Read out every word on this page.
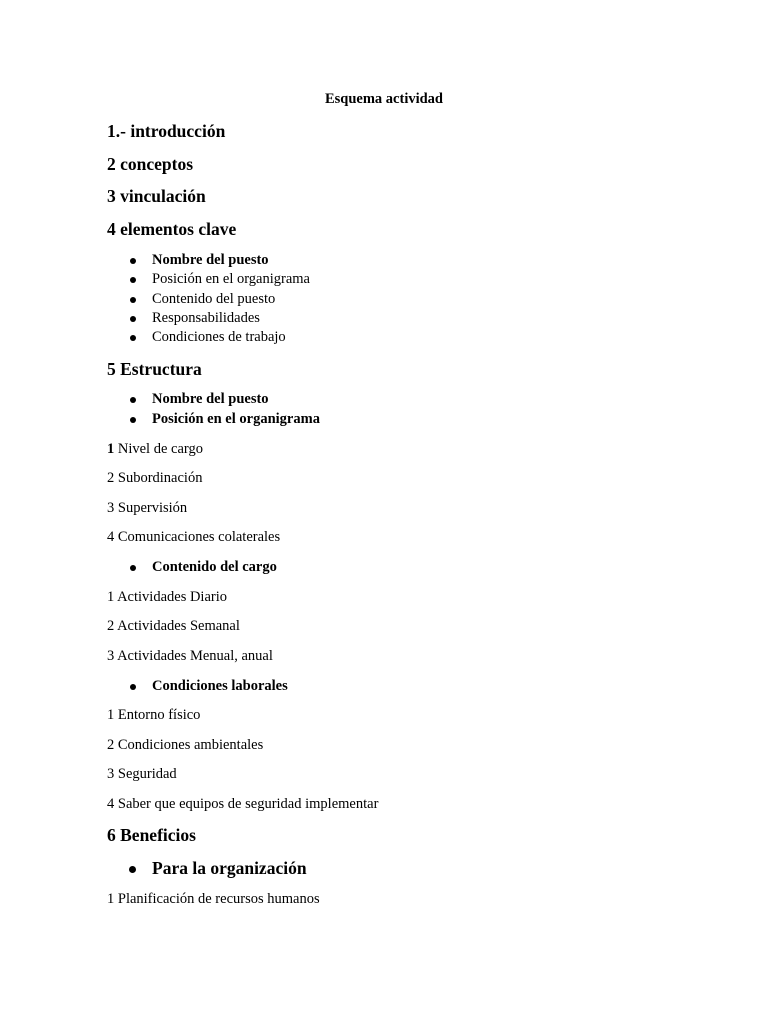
Esquema actividad
1.- introducción
2 conceptos
3 vinculación
4 elementos clave
Nombre del puesto
Posición en el organigrama
Contenido del puesto
Responsabilidades
Condiciones de trabajo
5 Estructura
Nombre del puesto
Posición en el organigrama
1 Nivel de cargo
2 Subordinación
3 Supervisión
4 Comunicaciones colaterales
Contenido del cargo
1 Actividades Diario
2 Actividades Semanal
3 Actividades Menual, anual
Condiciones laborales
1 Entorno físico
2 Condiciones ambientales
3 Seguridad
4 Saber que equipos de seguridad implementar
6 Beneficios
Para la organización
1 Planificación de recursos humanos
